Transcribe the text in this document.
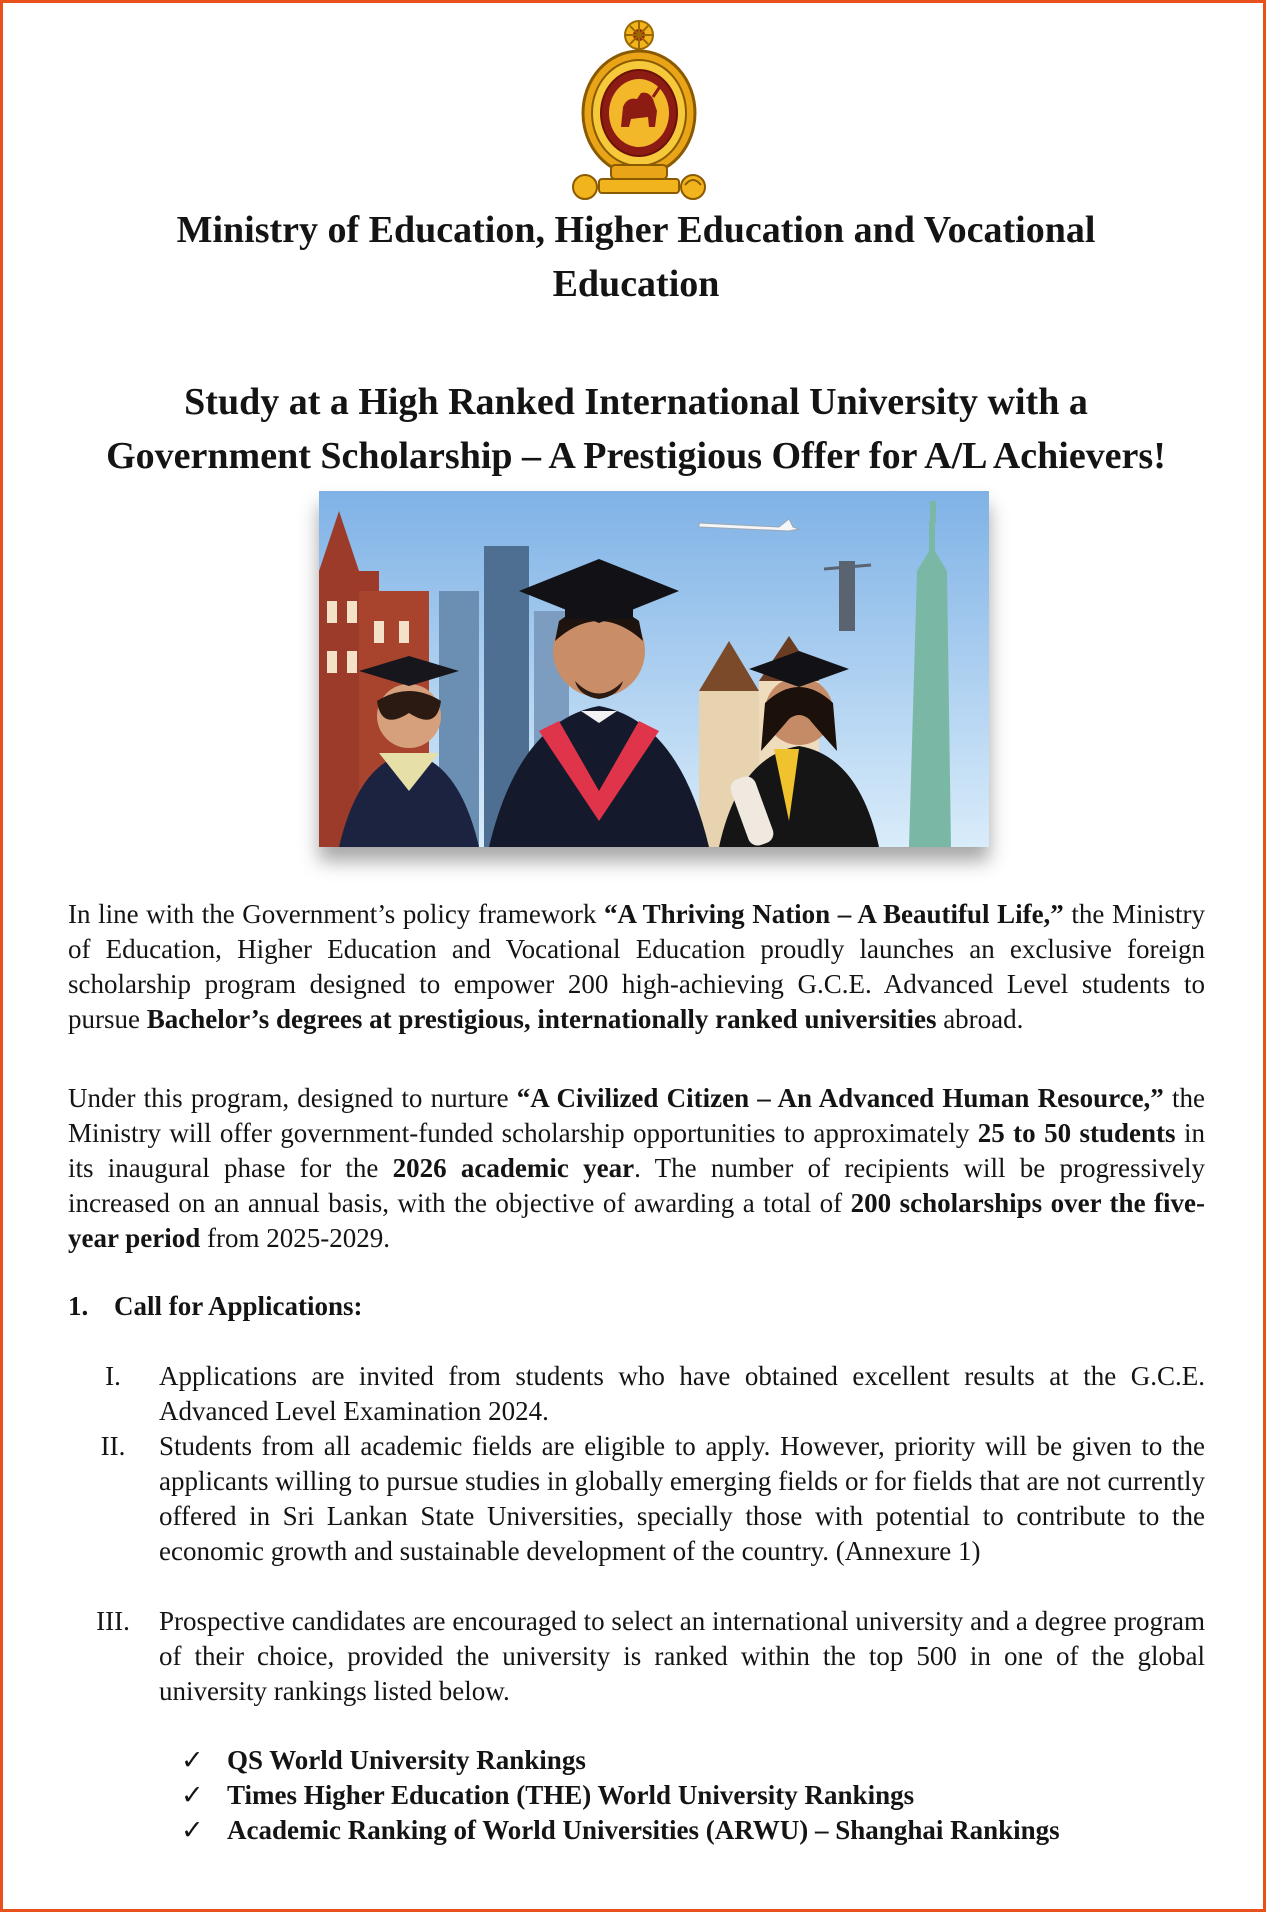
Ministry of Education, Higher Education and Vocational
Education
Study at a High Ranked International University with a
Government Scholarship – A Prestigious Offer for A/L Achievers!

In line with the Government’s policy framework “A Thriving Nation – A Beautiful Life,” the Ministry of Education, Higher Education and Vocational Education proudly launches an exclusive foreign scholarship program designed to empower 200 high-achieving G.C.E. Advanced Level students to pursue Bachelor’s degrees at prestigious, internationally ranked universities abroad.

Under this program, designed to nurture “A Civilized Citizen – An Advanced Human Resource,” the Ministry will offer government-funded scholarship opportunities to approximately 25 to 50 students in its inaugural phase for the 2026 academic year. The number of recipients will be progressively increased on an annual basis, with the objective of awarding a total of 200 scholarships over the five-year period from 2025-2029.

1. Call for Applications:
I.	Applications are invited from students who have obtained excellent results at the G.C.E. Advanced Level Examination 2024.
II.	Students from all academic fields are eligible to apply. However, priority will be given to the applicants willing to pursue studies in globally emerging fields or for fields that are not currently offered in Sri Lankan State Universities, specially those with potential to contribute to the economic growth and sustainable development of the country. (Annexure 1)
III.	Prospective candidates are encouraged to select an international university and a degree program of their choice, provided the university is ranked within the top 500 in one of the global university rankings listed below.
✓ QS World University Rankings
✓ Times Higher Education (THE) World University Rankings
✓ Academic Ranking of World Universities (ARWU) – Shanghai Rankings
